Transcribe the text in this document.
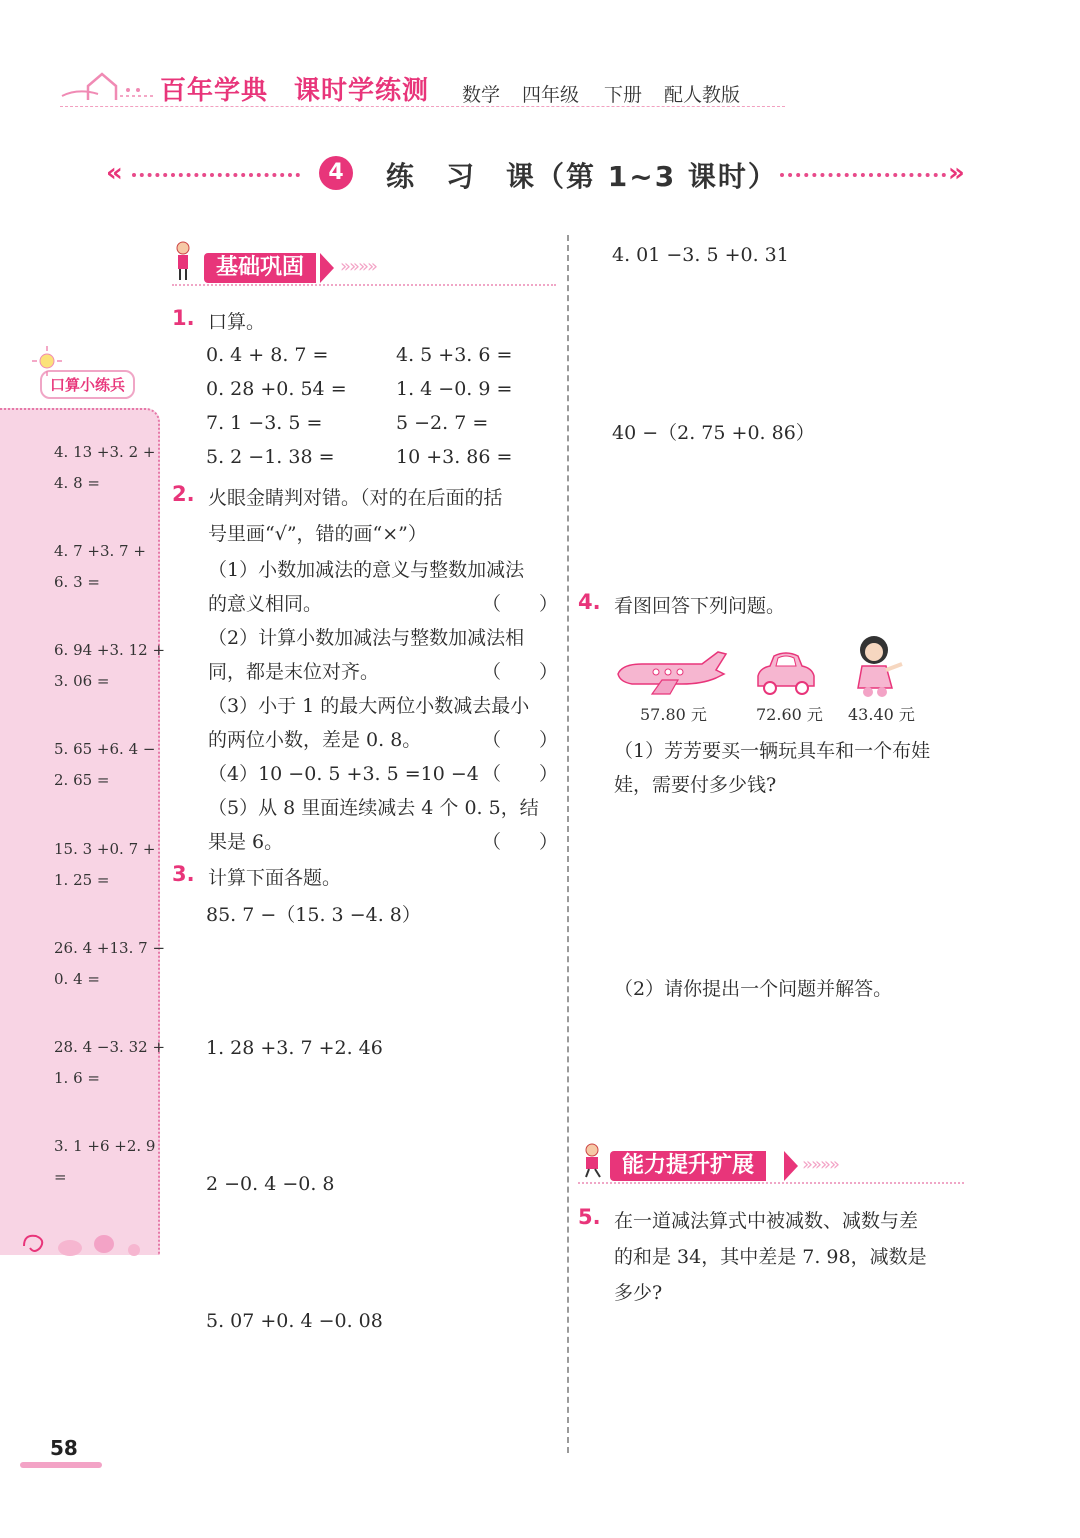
百年学典 课时学练测 数学 四年级 下册 配人教版
«	4	练　习　课（第 1~3 课时）	»
口算小练兵
4. 13 +3. 2 +
4. 8 =
4. 7 +3. 7 +
6. 3 =
6. 94 +3. 12 +
3. 06 =
5. 65 +6. 4 −
2. 65 =
15. 3 +0. 7 +
1. 25 =
26. 4 +13. 7 −
0. 4 =
28. 4 −3. 32 +
1. 6 =
3. 1 +6 +2. 9
=
基础巩固	»»»»
1. 口算。
0. 4 + 8. 7 =	4. 5 +3. 6 =
0. 28 +0. 54 =	1. 4 −0. 9 =
7. 1 −3. 5 =	5 −2. 7 =
5. 2 −1. 38 =	10 +3. 86 =
2. 火眼金睛判对错。（对的在后面的括
号里画“√”，错的画“×”）
（1）小数加减法的意义与整数加减法
的意义相同。	（　　）
（2）计算小数加减法与整数加减法相
同，都是末位对齐。	（　　）
（3）小于 1 的最大两位小数减去最小
的两位小数，差是 0. 8。	（　　）
（4）10 −0. 5 +3. 5 =10 −4 （　　）
（5）从 8 里面连续减去 4 个 0. 5，结
果是 6。	（　　）
3. 计算下面各题。
85. 7 −（15. 3 −4. 8）
1. 28 +3. 7 +2. 46
2 −0. 4 −0. 8
5. 07 +0. 4 −0. 08
4. 01 −3. 5 +0. 31
40 −（2. 75 +0. 86）
4. 看图回答下列问题。
57.80 元	72.60 元 43.40 元
（1）芳芳要买一辆玩具车和一个布娃
娃，需要付多少钱?
（2）请你提出一个问题并解答。
能力提升扩展	»»»»
5. 在一道减法算式中被减数、减数与差
的和是 34，其中差是 7. 98，减数是
多少?
58
